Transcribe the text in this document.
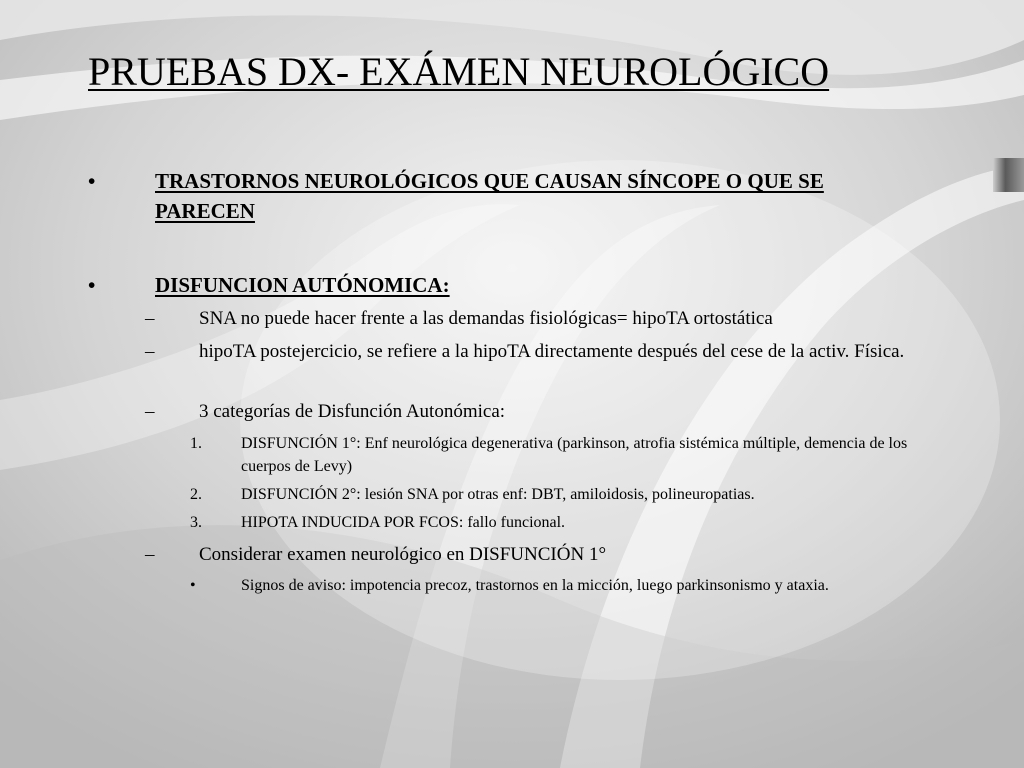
PRUEBAS DX- EXÁMEN NEUROLÓGICO
•	TRASTORNOS NEUROLÓGICOS QUE CAUSAN SÍNCOPE O QUE SE PARECEN
•	DISFUNCION AUTÓNOMICA:
– SNA no puede hacer frente a las demandas fisiológicas= hipoTA ortostática
– hipoTA postejercicio, se refiere a la hipoTA directamente después del cese de la activ. Física.
– 3 categorías de Disfunción Autonómica:
1. DISFUNCIÓN 1°: Enf neurológica degenerativa (parkinson, atrofia sistémica múltiple, demencia de los cuerpos de Levy)
2. DISFUNCIÓN 2°: lesión SNA por otras enf: DBT, amiloidosis, polineuropatias.
3. HIPOTA INDUCIDA POR FCOS: fallo funcional.
– Considerar examen neurológico en DISFUNCIÓN 1°
•	Signos de aviso: impotencia precoz, trastornos en la micción, luego parkinsonismo y ataxia.
